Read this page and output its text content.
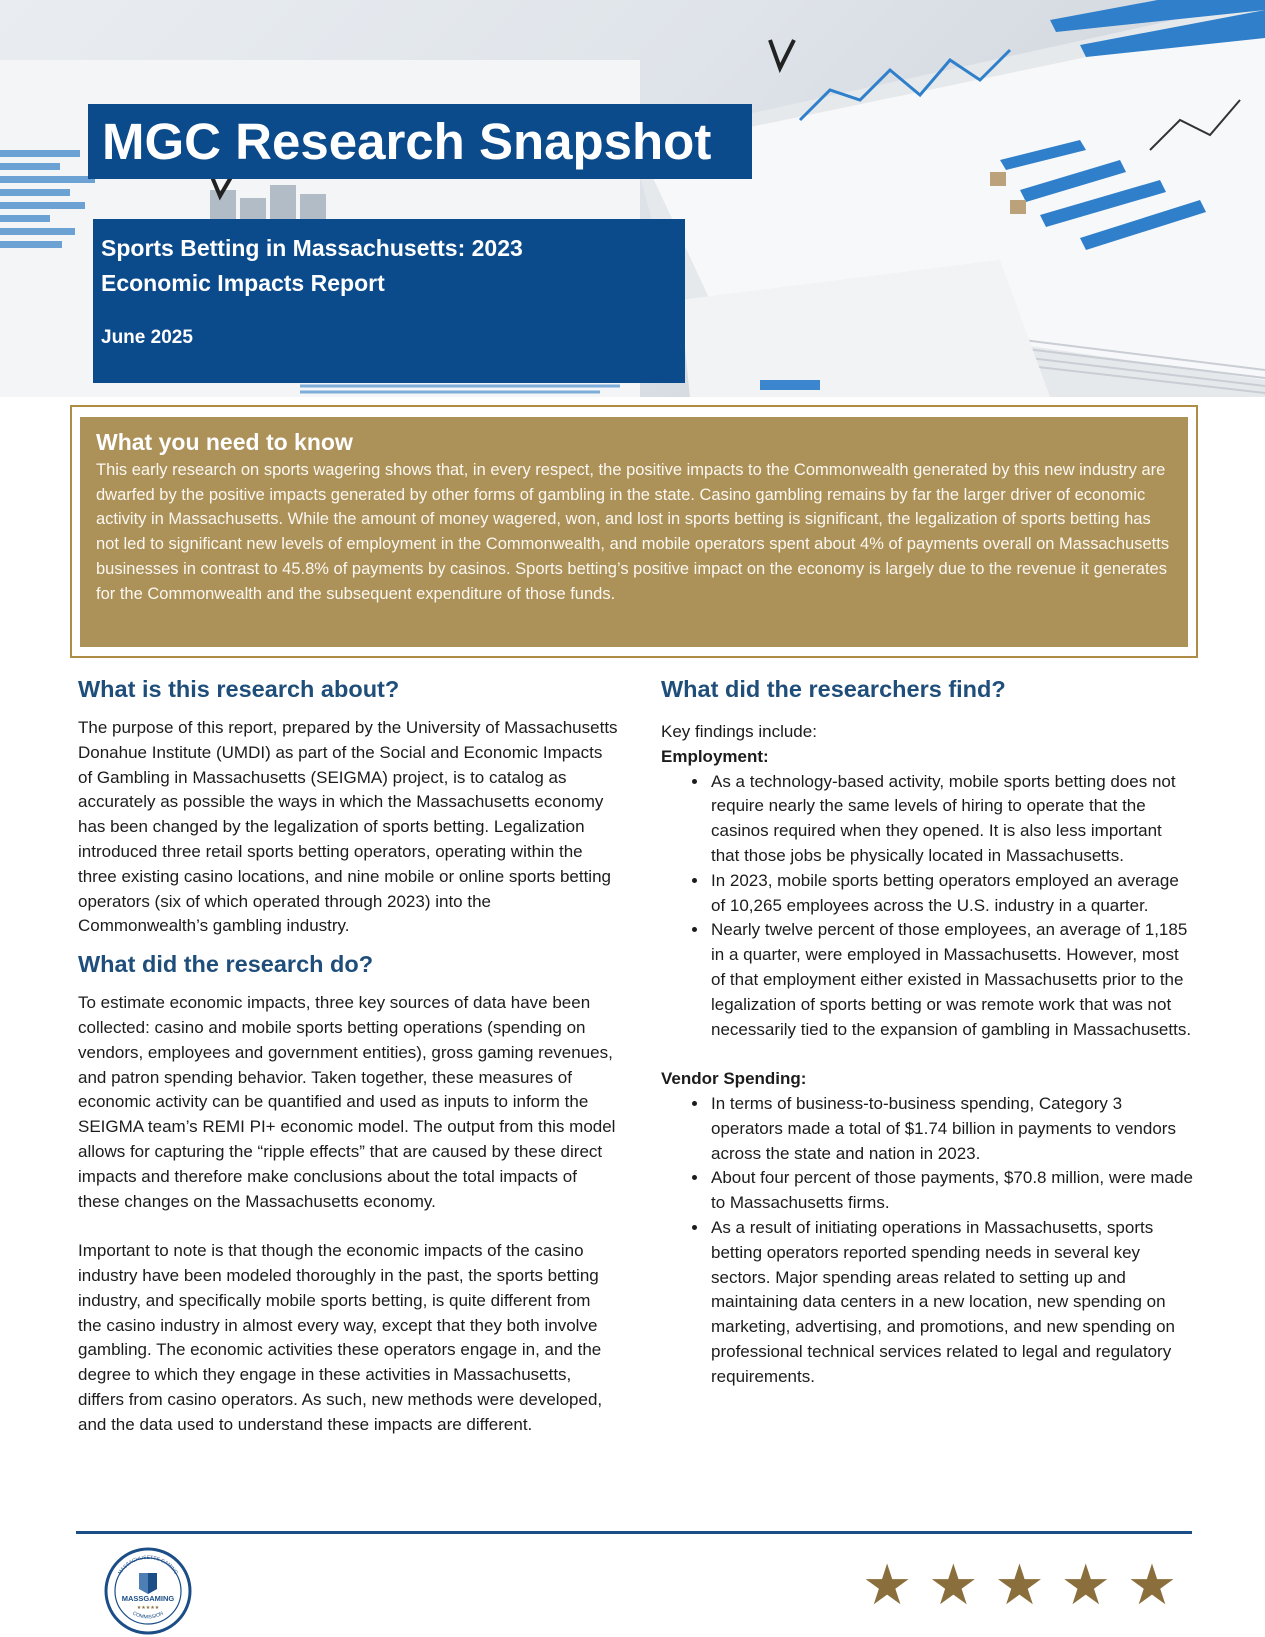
MGC Research Snapshot
Sports Betting in Massachusetts: 2023 Economic Impacts Report
June 2025
What you need to know

This early research on sports wagering shows that, in every respect, the positive impacts to the Commonwealth generated by this new industry are dwarfed by the positive impacts generated by other forms of gambling in the state. Casino gambling remains by far the larger driver of economic activity in Massachusetts. While the amount of money wagered, won, and lost in sports betting is significant, the legalization of sports betting has not led to significant new levels of employment in the Commonwealth, and mobile operators spent about 4% of payments overall on Massachusetts businesses in contrast to 45.8% of payments by casinos. Sports betting’s positive impact on the economy is largely due to the revenue it generates for the Commonwealth and the subsequent expenditure of those funds.

What is this research about?

The purpose of this report, prepared by the University of Massachusetts Donahue Institute (UMDI) as part of the Social and Economic Impacts of Gambling in Massachusetts (SEIGMA) project, is to catalog as accurately as possible the ways in which the Massachusetts economy has been changed by the legalization of sports betting. Legalization introduced three retail sports betting operators, operating within the three existing casino locations, and nine mobile or online sports betting operators (six of which operated through 2023) into the Commonwealth’s gambling industry.

What did the research do?

To estimate economic impacts, three key sources of data have been collected: casino and mobile sports betting operations (spending on vendors, employees and government entities), gross gaming revenues, and patron spending behavior. Taken together, these measures of economic activity can be quantified and used as inputs to inform the SEIGMA team’s REMI PI+ economic model. The output from this model allows for capturing the “ripple effects” that are caused by these direct impacts and therefore make conclusions about the total impacts of these changes on the Massachusetts economy.

Important to note is that though the economic impacts of the casino industry have been modeled thoroughly in the past, the sports betting industry, and specifically mobile sports betting, is quite different from the casino industry in almost every way, except that they both involve gambling. The economic activities these operators engage in, and the degree to which they engage in these activities in Massachusetts, differs from casino operators. As such, new methods were developed, and the data used to understand these impacts are different.

What did the researchers find?

Key findings include:

Employment:

• As a technology-based activity, mobile sports betting does not require nearly the same levels of hiring to operate that the casinos required when they opened. It is also less important that those jobs be physically located in Massachusetts.
• In 2023, mobile sports betting operators employed an average of 10,265 employees across the U.S. industry in a quarter.
• Nearly twelve percent of those employees, an average of 1,185 in a quarter, were employed in Massachusetts. However, most of that employment either existed in Massachusetts prior to the legalization of sports betting or was remote work that was not necessarily tied to the expansion of gambling in Massachusetts.

Vendor Spending:

• In terms of business-to-business spending, Category 3 operators made a total of $1.74 billion in payments to vendors across the state and nation in 2023.
• About four percent of those payments, $70.8 million, were made to Massachusetts firms.
• As a result of initiating operations in Massachusetts, sports betting operators reported spending needs in several key sectors. Major spending areas related to setting up and maintaining data centers in a new location, new spending on marketing, advertising, and promotions, and new spending on professional technical services related to legal and regulatory requirements.
MASSACHUSETTS GAMING
COMMISSION
MASSGAMING
★★★★★	★ ★ ★ ★ ★
